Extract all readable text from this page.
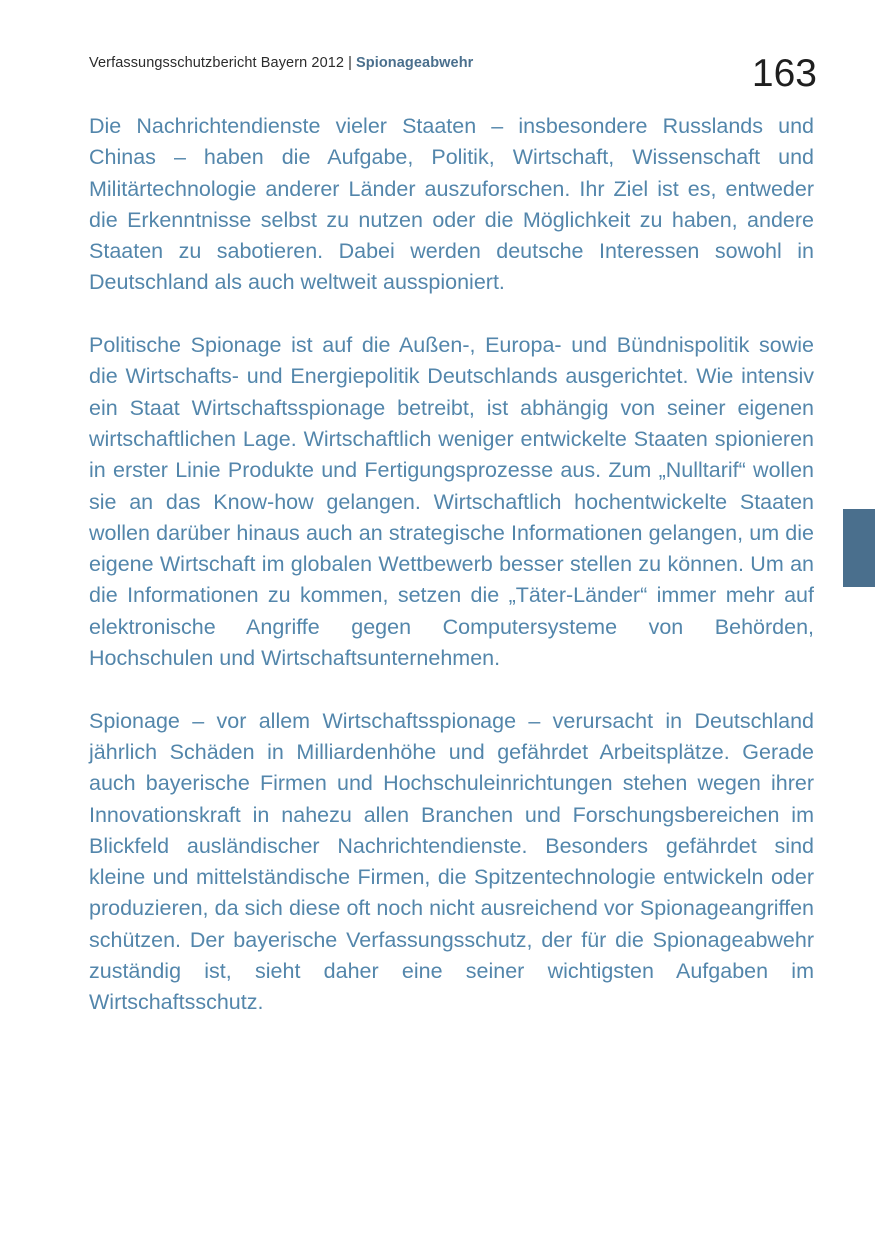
Verfassungsschutzbericht Bayern 2012 | Spionageabwehr	163

Die Nachrichtendienste vieler Staaten – insbesondere Russlands und Chinas – haben die Aufgabe, Politik, Wirtschaft, Wissenschaft und Militärtechnologie anderer Länder auszuforschen. Ihr Ziel ist es, entweder die Erkenntnisse selbst zu nutzen oder die Möglichkeit zu haben, andere Staaten zu sabotieren. Dabei werden deutsche Interessen sowohl in Deutschland als auch weltweit ausspioniert.

Politische Spionage ist auf die Außen-, Europa- und Bündnispolitik sowie die Wirtschafts- und Energiepolitik Deutschlands ausgerichtet. Wie intensiv ein Staat Wirtschaftsspionage betreibt, ist abhängig von seiner eigenen wirtschaftlichen Lage. Wirtschaftlich weniger entwickelte Staaten spionieren in erster Linie Produkte und Fertigungsprozesse aus. Zum „Nulltarif“ wollen sie an das Know-how gelangen. Wirtschaftlich hochentwickelte Staaten wollen darüber hinaus auch an strategische Informationen gelangen, um die eigene Wirtschaft im globalen Wettbewerb besser stellen zu können. Um an die Informationen zu kommen, setzen die „Täter-Länder“ immer mehr auf elektronische Angriffe gegen Computersysteme von Behörden, Hochschulen und Wirtschaftsunternehmen.

Spionage – vor allem Wirtschaftsspionage – verursacht in Deutschland jährlich Schäden in Milliardenhöhe und gefährdet Arbeitsplätze. Gerade auch bayerische Firmen und Hochschuleinrichtungen stehen wegen ihrer Innovationskraft in nahezu allen Branchen und Forschungsbereichen im Blickfeld ausländischer Nachrichtendienste. Besonders gefährdet sind kleine und mittelständische Firmen, die Spitzentechnologie entwickeln oder produzieren, da sich diese oft noch nicht ausreichend vor Spionageangriffen schützen. Der bayerische Verfassungsschutz, der für die Spionageabwehr zuständig ist, sieht daher eine seiner wichtigsten Aufgaben im Wirtschaftsschutz.
